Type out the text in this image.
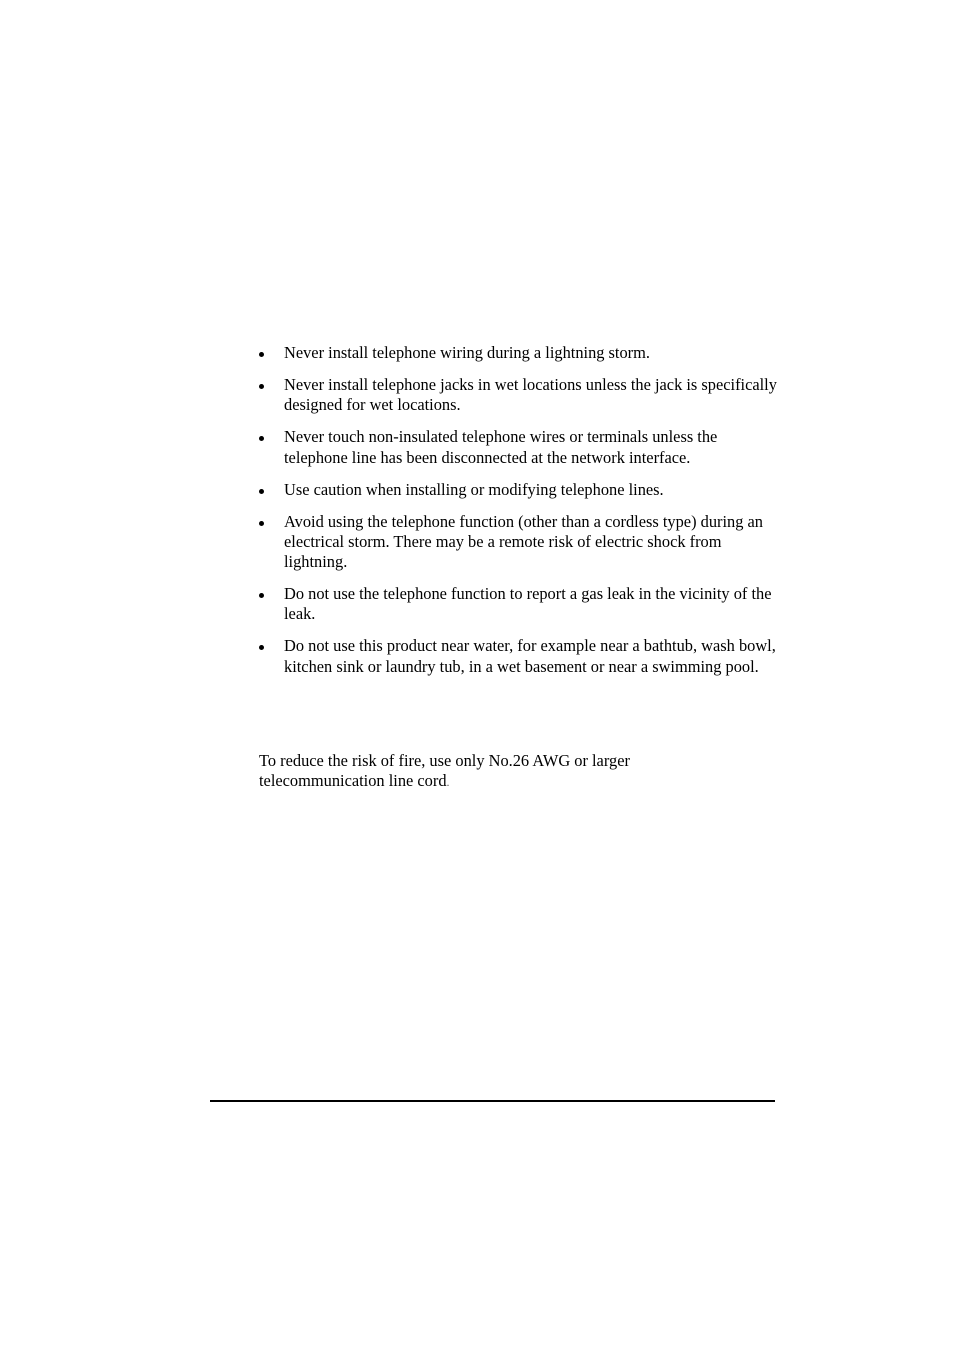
Never install telephone wiring during a lightning storm.
Never install telephone jacks in wet locations unless the jack is specifically designed for wet locations.
Never touch non-insulated telephone wires or terminals unless the telephone line has been disconnected at the network interface.
Use caution when installing or modifying telephone lines.
Avoid using the telephone function (other than a cordless type) during an electrical storm. There may be a remote risk of electric shock from lightning.
Do not use the telephone function to report a gas leak in the vicinity of the leak.
Do not use this product near water, for example near a bathtub, wash bowl, kitchen sink or laundry tub, in a wet basement or near a swimming pool.

To reduce the risk of fire, use only No.26 AWG or larger telecommunication line cord.
